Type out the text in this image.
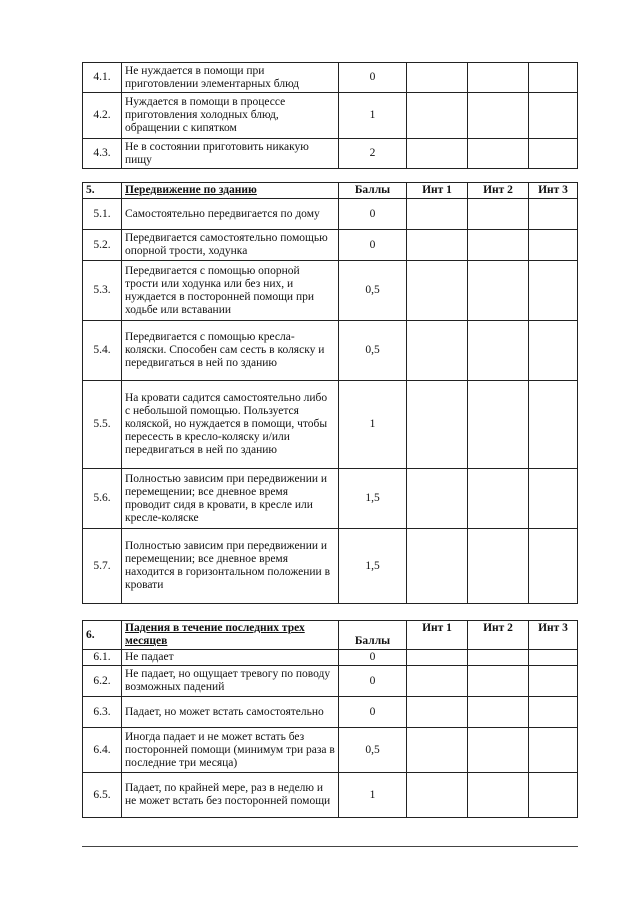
4.1.	Не нуждается в помощи при приготовлении элементарных блюд	0			
4.2.	Нуждается в помощи в процессе приготовления холодных блюд, обращении с кипятком	1			
4.3.	Не в состоянии приготовить никакую пищу	2			
5.	Передвижение по зданию	Баллы	Инт 1	Инт 2	Инт 3
5.1.	Самостоятельно передвигается по дому	0			
5.2.	Передвигается самостоятельно помощью опорной трости, ходунка	0			
5.3.	Передвигается с помощью опорной трости или ходунка или без них, и нуждается в посторонней помощи при ходьбе или вставании	0,5			
5.4.	Передвигается с помощью кресла-коляски. Способен сам сесть в коляску и передвигаться в ней по зданию	0,5			
5.5.	На кровати садится самостоятельно либо с небольшой помощью. Пользуется коляской, но нуждается в помощи, чтобы пересесть в кресло-коляску и/или передвигаться в ней по зданию	1			
5.6.	Полностью зависим при передвижении и перемещении; все дневное время проводит сидя в кровати, в кресле или кресле-коляске	1,5			
5.7.	Полностью зависим при передвижении и перемещении; все дневное время находится в горизонтальном положении в кровати	1,5			
6.	Падения в течение последних трех месяцев	Баллы	Инт 1	Инт 2	Инт 3
6.1.	Не падает	0			
6.2.	Не падает, но ощущает тревогу по поводу возможных падений	0			
6.3.	Падает, но может встать самостоятельно	0			
6.4.	Иногда падает и не может встать без посторонней помощи (минимум три раза в последние три месяца)	0,5			
6.5.	Падает, по крайней мере, раз в неделю и не может встать без посторонней помощи	1			
